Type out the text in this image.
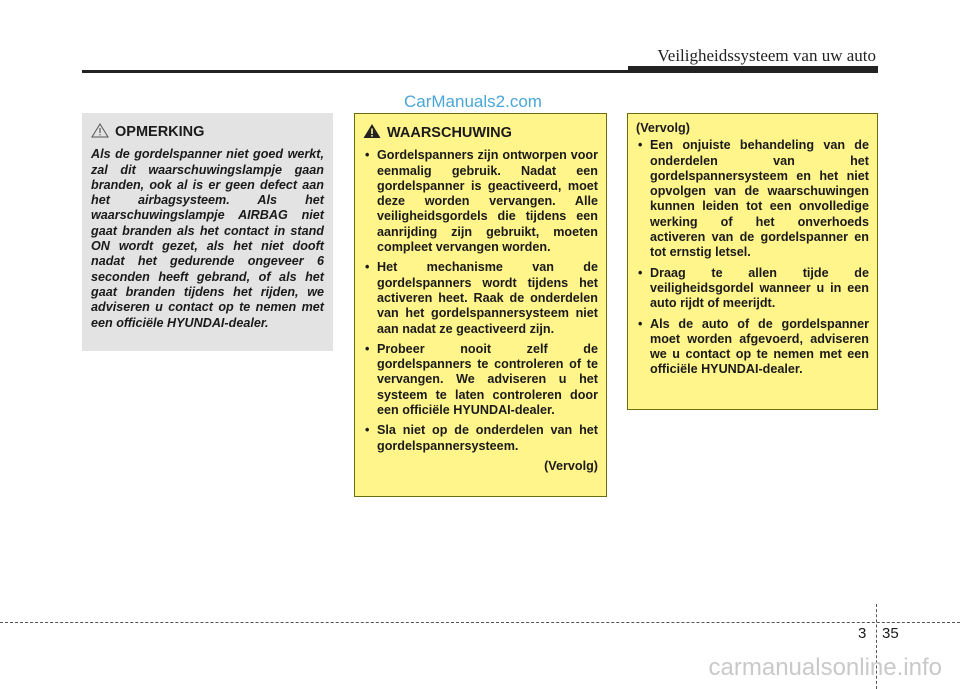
Veiligheidssysteem van uw auto
CarManuals2.com
OPMERKING
Als de gordelspanner niet goed werkt, zal dit waarschuwingslampje gaan branden, ook al is er geen defect aan het airbagsysteem. Als het waarschuwingslampje AIRBAG niet gaat branden als het contact in stand ON wordt gezet, als het niet dooft nadat het gedurende ongeveer 6 seconden heeft gebrand, of als het gaat branden tijdens het rijden, we adviseren u contact op te nemen met een officiële HYUNDAI-dealer.
WAARSCHUWING
• Gordelspanners zijn ontworpen voor eenmalig gebruik. Nadat een gordelspanner is geactiveerd, moet deze worden vervangen. Alle veiligheidsgordels die tijdens een aanrijding zijn gebruikt, moeten compleet vervangen worden.
• Het mechanisme van de gordelspanners wordt tijdens het activeren heet. Raak de onderdelen van het gordelspannersysteem niet aan nadat ze geactiveerd zijn.
• Probeer nooit zelf de gordelspanners te controleren of te vervangen. We adviseren u het systeem te laten controleren door een officiële HYUNDAI-dealer.
• Sla niet op de onderdelen van het gordelspannersysteem.
(Vervolg)
(Vervolg)
• Een onjuiste behandeling van de onderdelen van het gordelspannersysteem en het niet opvolgen van de waarschuwingen kunnen leiden tot een onvolledige werking of het onverhoeds activeren van de gordelspanner en tot ernstig letsel.
• Draag te allen tijde de veiligheidsgordel wanneer u in een auto rijdt of meerijdt.
• Als de auto of de gordelspanner moet worden afgevoerd, adviseren we u contact op te nemen met een officiële HYUNDAI-dealer.
3 35
carmanualsonline.info
